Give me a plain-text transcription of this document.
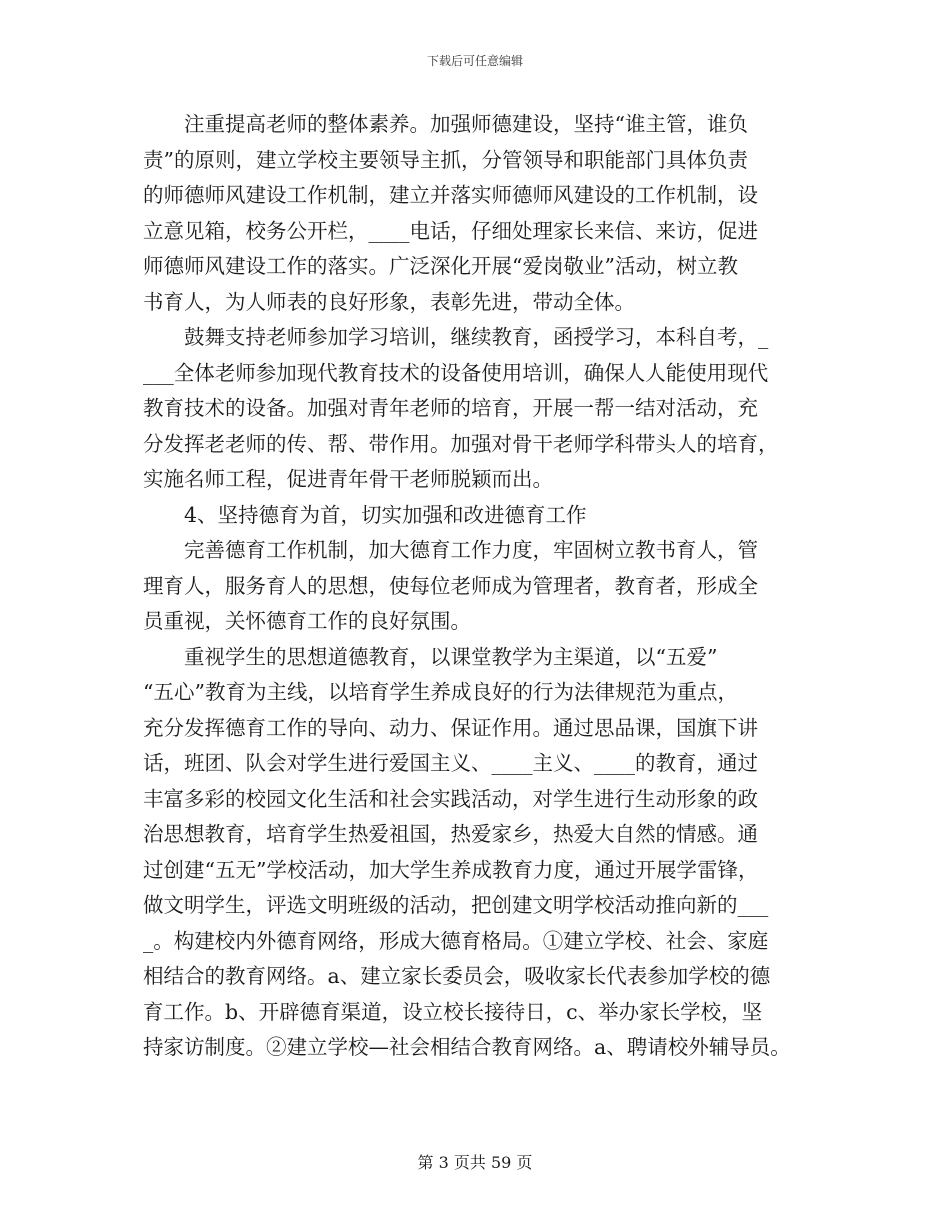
下载后可任意编辑

　　注重提高老师的整体素养。加强师德建设，坚持“谁主管，谁负

责”的原则，建立学校主要领导主抓，分管领导和职能部门具体负责

的师德师风建设工作机制，建立并落实师德师风建设的工作机制，设

立意见箱，校务公开栏，____电话，仔细处理家长来信、来访，促进

师德师风建设工作的落实。广泛深化开展“爱岗敬业”活动，树立教

书育人，为人师表的良好形象，表彰先进，带动全体。

　　鼓舞支持老师参加学习培训，继续教育，函授学习，本科自考，_

___全体老师参加现代教育技术的设备使用培训，确保人人能使用现代

教育技术的设备。加强对青年老师的培育，开展一帮一结对活动，充

分发挥老老师的传、帮、带作用。加强对骨干老师学科带头人的培育，

实施名师工程，促进青年骨干老师脱颖而出。

　　4、坚持德育为首，切实加强和改进德育工作

　　完善德育工作机制，加大德育工作力度，牢固树立教书育人，管

理育人，服务育人的思想，使每位老师成为管理者，教育者，形成全

员重视，关怀德育工作的良好氛围。

　　重视学生的思想道德教育，以课堂教学为主渠道，以“五爱”

“五心”教育为主线，以培育学生养成良好的行为法律规范为重点，

充分发挥德育工作的导向、动力、保证作用。通过思品课，国旗下讲

话，班团、队会对学生进行爱国主义、____主义、____的教育，通过

丰富多彩的校园文化生活和社会实践活动，对学生进行生动形象的政

治思想教育，培育学生热爱祖国，热爱家乡，热爱大自然的情感。通

过创建“五无”学校活动，加大学生养成教育力度，通过开展学雷锋，

做文明学生，评选文明班级的活动，把创建文明学校活动推向新的___

_。构建校内外德育网络，形成大德育格局。①建立学校、社会、家庭

相结合的教育网络。a、建立家长委员会，吸收家长代表参加学校的德

育工作。b、开辟德育渠道，设立校长接待日，c、举办家长学校，坚

持家访制度。②建立学校—社会相结合教育网络。a、聘请校外辅导员。

第 3 页共 59 页
